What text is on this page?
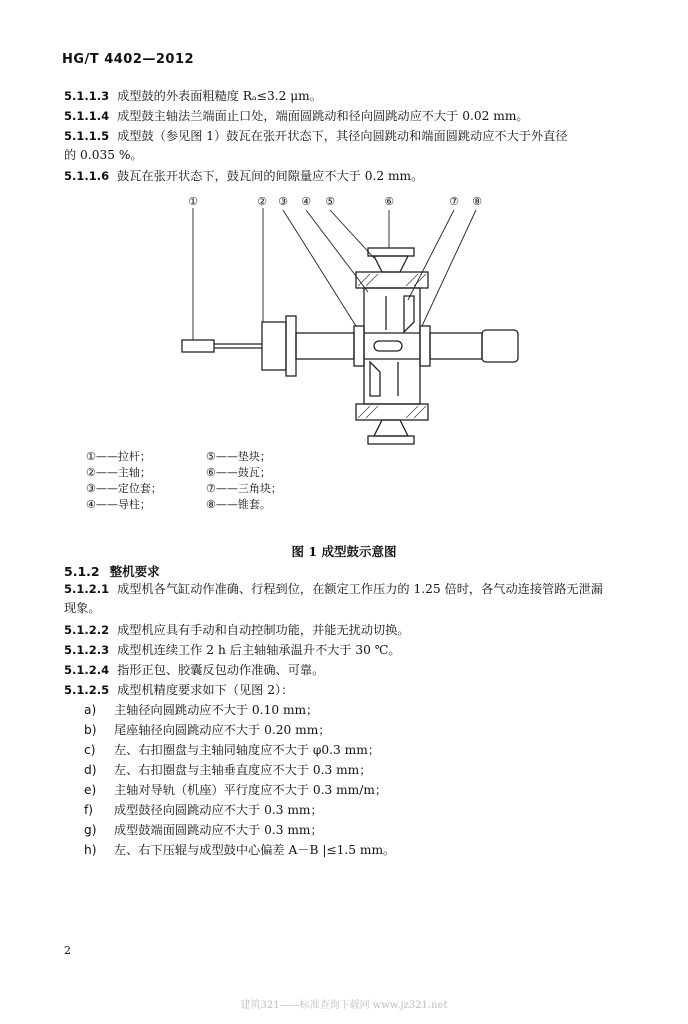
HG/T 4402—2012
5.1.1.3 成型鼓的外表面粗糙度 Rₐ≤3.2 μm。
5.1.1.4 成型鼓主轴法兰端面止口处，端面圆跳动和径向圆跳动应不大于 0.02 mm。
5.1.1.5 成型鼓（参见图 1）鼓瓦在张开状态下，其径向圆跳动和端面圆跳动应不大于外直径
的 0.035 %。
5.1.1.6 鼓瓦在张开状态下，鼓瓦间的间隙量应不大于 0.2 mm。
①	② ③ ④ ⑤	⑥	⑦ ⑧
①——拉杆；
②——主轴；
③——定位套；
④——导柱；
⑤——垫块；
⑥——鼓瓦；
⑦——三角块；
⑧——锥套。
图 1 成型鼓示意图
5.1.2 整机要求
5.1.2.1 成型机各气缸动作准确、行程到位，在额定工作压力的 1.25 倍时，各气动连接管路无泄漏
现象。
5.1.2.2 成型机应具有手动和自动控制功能，并能无扰动切换。
5.1.2.3 成型机连续工作 2 h 后主轴轴承温升不大于 30 ℃。
5.1.2.4 指形正包、胶囊反包动作准确、可靠。
5.1.2.5 成型机精度要求如下（见图 2）：
a) 主轴径向圆跳动应不大于 0.10 mm；
b) 尾座轴径向圆跳动应不大于 0.20 mm；
c) 左、右扣圈盘与主轴同轴度应不大于 φ0.3 mm；
d) 左、右扣圈盘与主轴垂直度应不大于 0.3 mm；
e) 主轴对导轨（机座）平行度应不大于 0.3 mm/m；
f) 成型鼓径向圆跳动应不大于 0.3 mm；
g) 成型鼓端面圆跳动应不大于 0.3 mm；
h) 左、右下压辊与成型鼓中心偏差 A－B |≤1.5 mm。
2
建筑321——标准查询下载网 www.jz321.net
